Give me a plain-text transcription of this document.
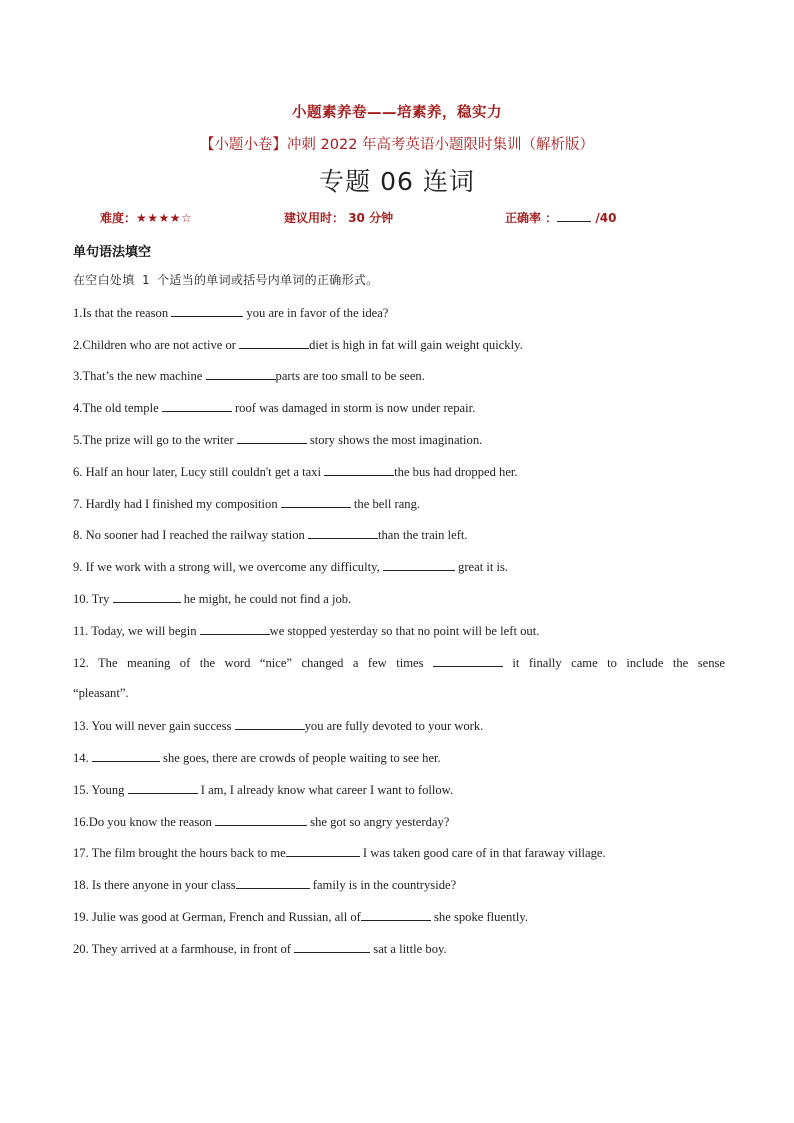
小题素养卷——培素养，稳实力
【小题小卷】冲刺 2022 年高考英语小题限时集训（解析版）
专题 06 连词
难度：★★★★☆	建议用时： 30 分钟	正确率 ：	/40
单句语法填空
在空白处填 1 个适当的单词或括号内单词的正确形式。
1.Is that the reason	you are in favor of the idea?
2.Children who are not active or	diet is high in fat will gain weight quickly.
3.That’s the new machine	parts are too small to be seen.
4.The old temple	roof was damaged in storm is now under repair.
5.The prize will go to the writer	story shows the most imagination.
6. Half an hour later, Lucy still couldn't get a taxi	the bus had dropped her.
7. Hardly had I finished my composition	the bell rang.
8. No sooner had I reached the railway station	than the train left.
9. If we work with a strong will, we overcome any difficulty,	great it is.
10. Try	he might, he could not find a job.
11. Today, we will begin	we stopped yesterday so that no point will be left out.
12. The meaning of the word “nice” changed a few times	it finally came to include the sense
“pleasant”.
13. You will never gain success	you are fully devoted to your work.
14.	she goes, there are crowds of people waiting to see her.
15. Young	I am, I already know what career I want to follow.
16.Do you know the reason	she got so angry yesterday?
17. The film brought the hours back to me	I was taken good care of in that faraway village.
18. Is there anyone in your class	family is in the countryside?
19. Julie was good at German, French and Russian, all of	she spoke fluently.
20. They arrived at a farmhouse, in front of	sat a little boy.
